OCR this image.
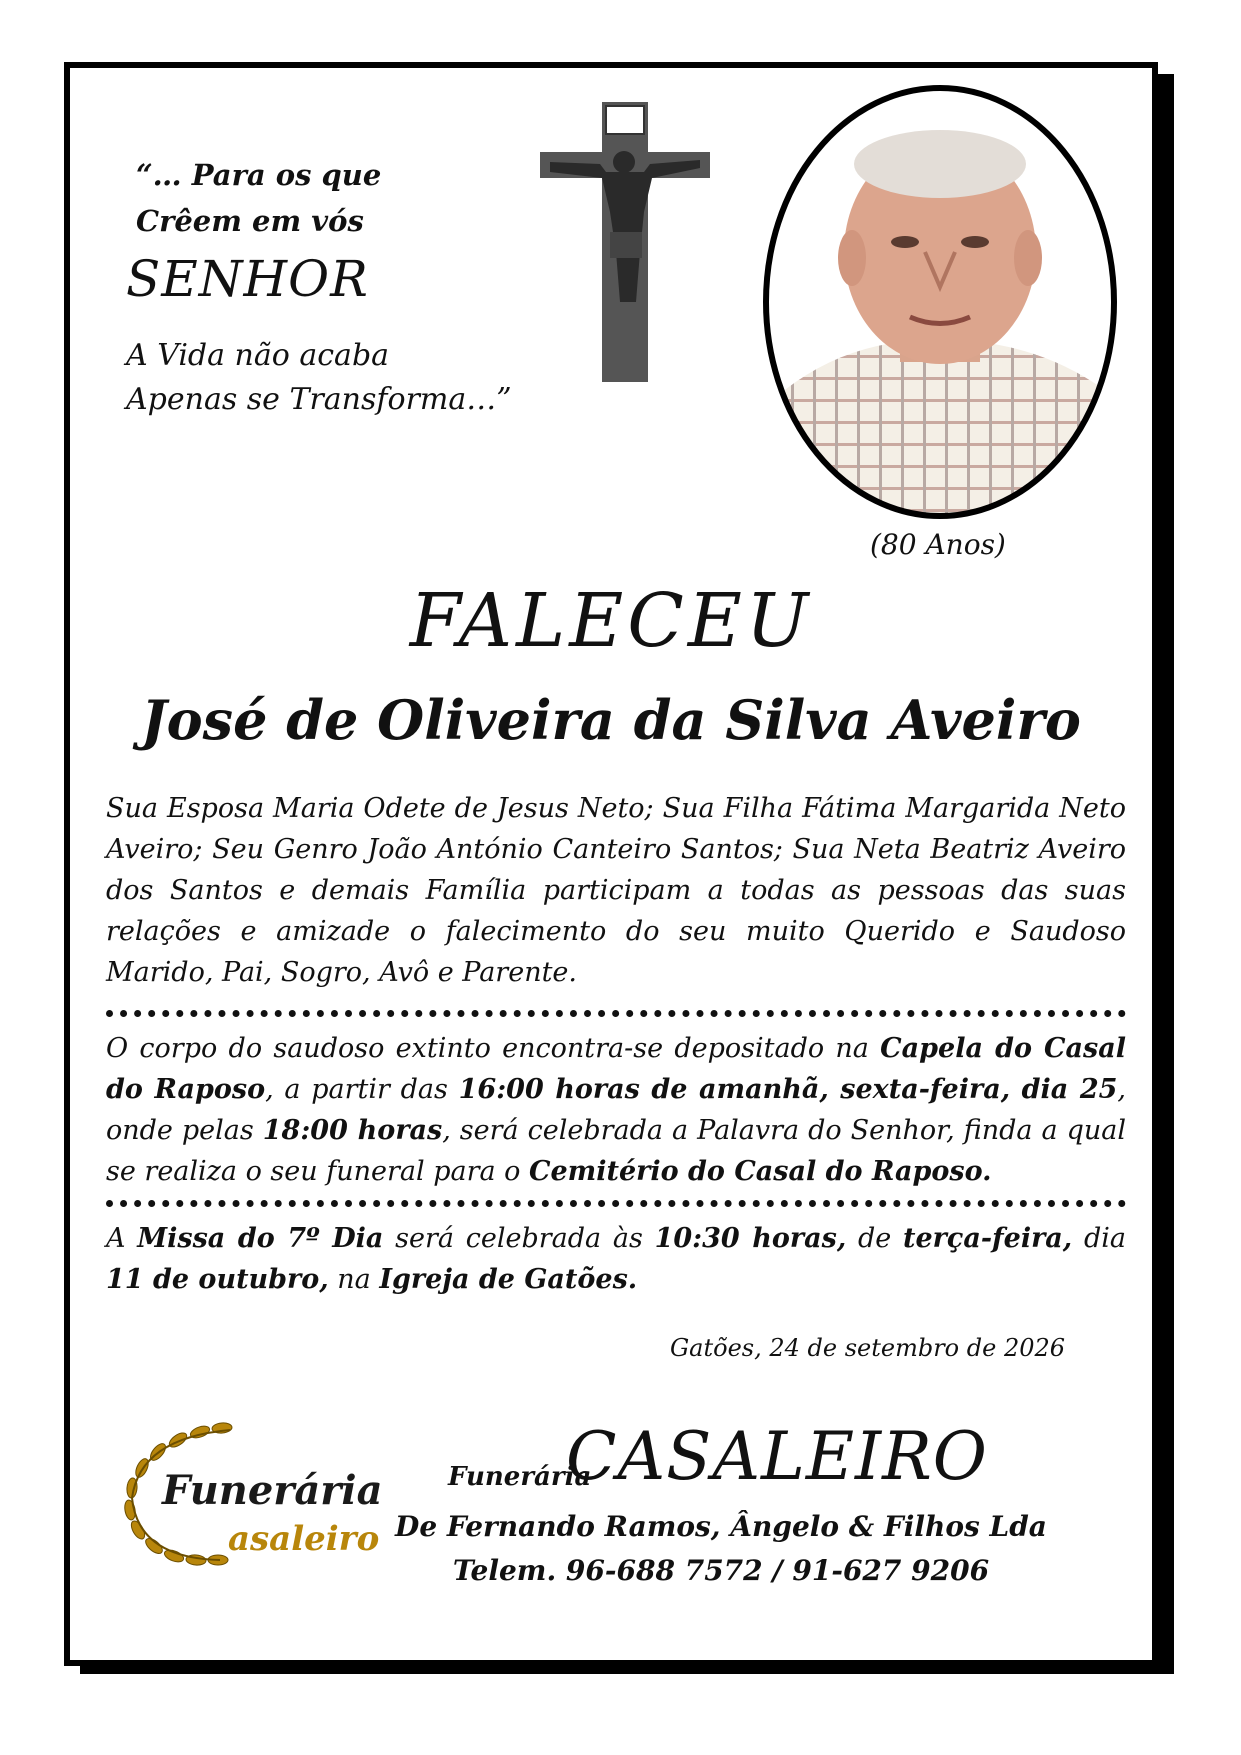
“… Para os que
Crêem em vós
SENHOR
A Vida não acaba
Apenas se Transforma…”
(80 Anos)
FALECEU
José de Oliveira da Silva Aveiro
Sua Esposa Maria Odete de Jesus Neto; Sua Filha Fátima Margarida Neto Aveiro; Seu Genro João António Canteiro Santos; Sua Neta Beatriz Aveiro dos Santos e demais Família participam a todas as pessoas das suas relações e amizade o falecimento do seu muito Querido e Saudoso Marido, Pai, Sogro, Avô e Parente.
O corpo do saudoso extinto encontra-se depositado na Capela do Casal do Raposo, a partir das 16:00 horas de amanhã, sexta-feira, dia 25, onde pelas 18:00 horas, será celebrada a Palavra do Senhor, finda a qual se realiza o seu funeral para o Cemitério do Casal do Raposo.
A Missa do 7º Dia será celebrada às 10:30 horas, de terça-feira, dia 11 de outubro, na Igreja de Gatões.
Gatões, 24 de setembro de 2026
Funerária
asaleiro
Funerária
CASALEIRO
De Fernando Ramos, Ângelo & Filhos Lda
Telem. 96-688 7572 / 91-627 9206
